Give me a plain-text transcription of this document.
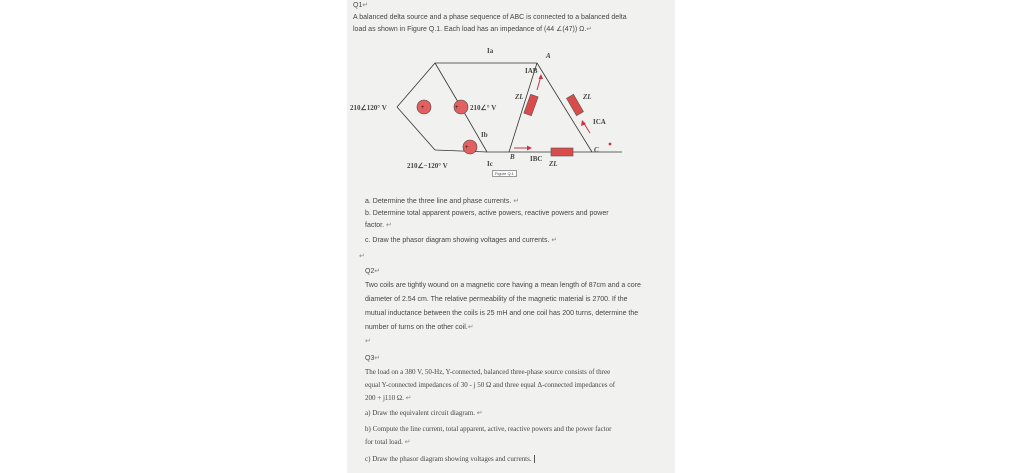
Q1↵
A balanced delta source and a phase sequence of ABC is connected to a balanced delta
load as shown in Figure Q.1. Each load has an impedance of (44 ∠(47)) Ω.↵
+	+
+
210∠120° V	210∠° V
210∠−120° V
Ia
Ib
Ic
A
B
C
IAB
IBC
ICA
ZL	ZL
ZL
Figure Q.1
a. Determine the three line and phase currents. ↵
b. Determine total apparent powers, active powers, reactive powers and power
factor. ↵
c. Draw the phasor diagram showing voltages and currents. ↵
↵
Q2↵
Two coils are tightly wound on a magnetic core having a mean length of 87cm and a core
diameter of 2.54 cm. The relative permeability of the magnetic material is 2700. If the
mutual inductance between the coils is 25 mH and one coil has 200 turns, determine the
number of turns on the other coil.↵
↵
Q3↵
The load on a 380 V, 50-Hz, Y-connected, balanced three-phase source consists of three
equal Y-connected impedances of 30 - j 50 Ω and three equal Δ-connected impedances of
200 + j110 Ω. ↵
a) Draw the equivalent circuit diagram. ↵
b) Compute the line current, total apparent, active, reactive powers and the power factor
for total load. ↵
c) Draw the phasor diagram showing voltages and currents.
